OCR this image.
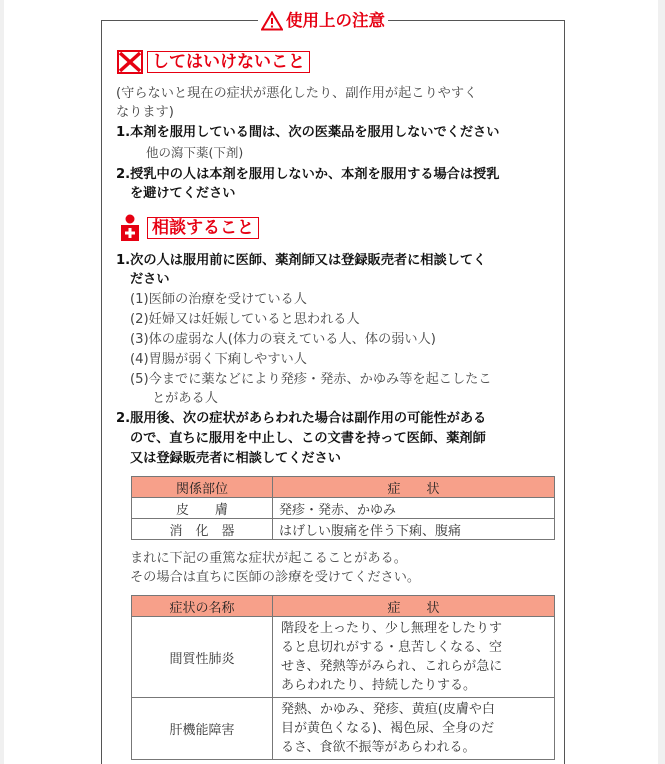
使用上の注意
してはいけないこと
(守らないと現在の症状が悪化したり、副作用が起こりやすく
なります)
1.本剤を服用している間は、次の医薬品を服用しないでください
他の瀉下薬(下剤)
2.授乳中の人は本剤を服用しないか、本剤を服用する場合は授乳
を避けてください
相談すること
1.次の人は服用前に医師、薬剤師又は登録販売者に相談してく
ださい
(1)医師の治療を受けている人
(2)妊婦又は妊娠していると思われる人
(3)体の虚弱な人(体力の衰えている人、体の弱い人)
(4)胃腸が弱く下痢しやすい人
(5)今までに薬などにより発疹・発赤、かゆみ等を起こしたこ
とがある人
2.服用後、次の症状があらわれた場合は副作用の可能性がある
ので、直ちに服用を中止し、この文書を持って医師、薬剤師
又は登録販売者に相談してください
関係部位	症　　状
皮　　膚	発疹・発赤、かゆみ
消　化　器	はげしい腹痛を伴う下痢、腹痛
まれに下記の重篤な症状が起こることがある。
その場合は直ちに医師の診療を受けてください。
症状の名称	症　　状
間質性肺炎	階段を上ったり、少し無理をしたりす
ると息切れがする・息苦しくなる、空
せき、発熱等がみられ、これらが急に
あらわれたり、持続したりする。

肝機能障害	発熱、かゆみ、発疹、黄疸(皮膚や白
目が黄色くなる)、褐色尿、全身のだ
るさ、食欲不振等があらわれる。
